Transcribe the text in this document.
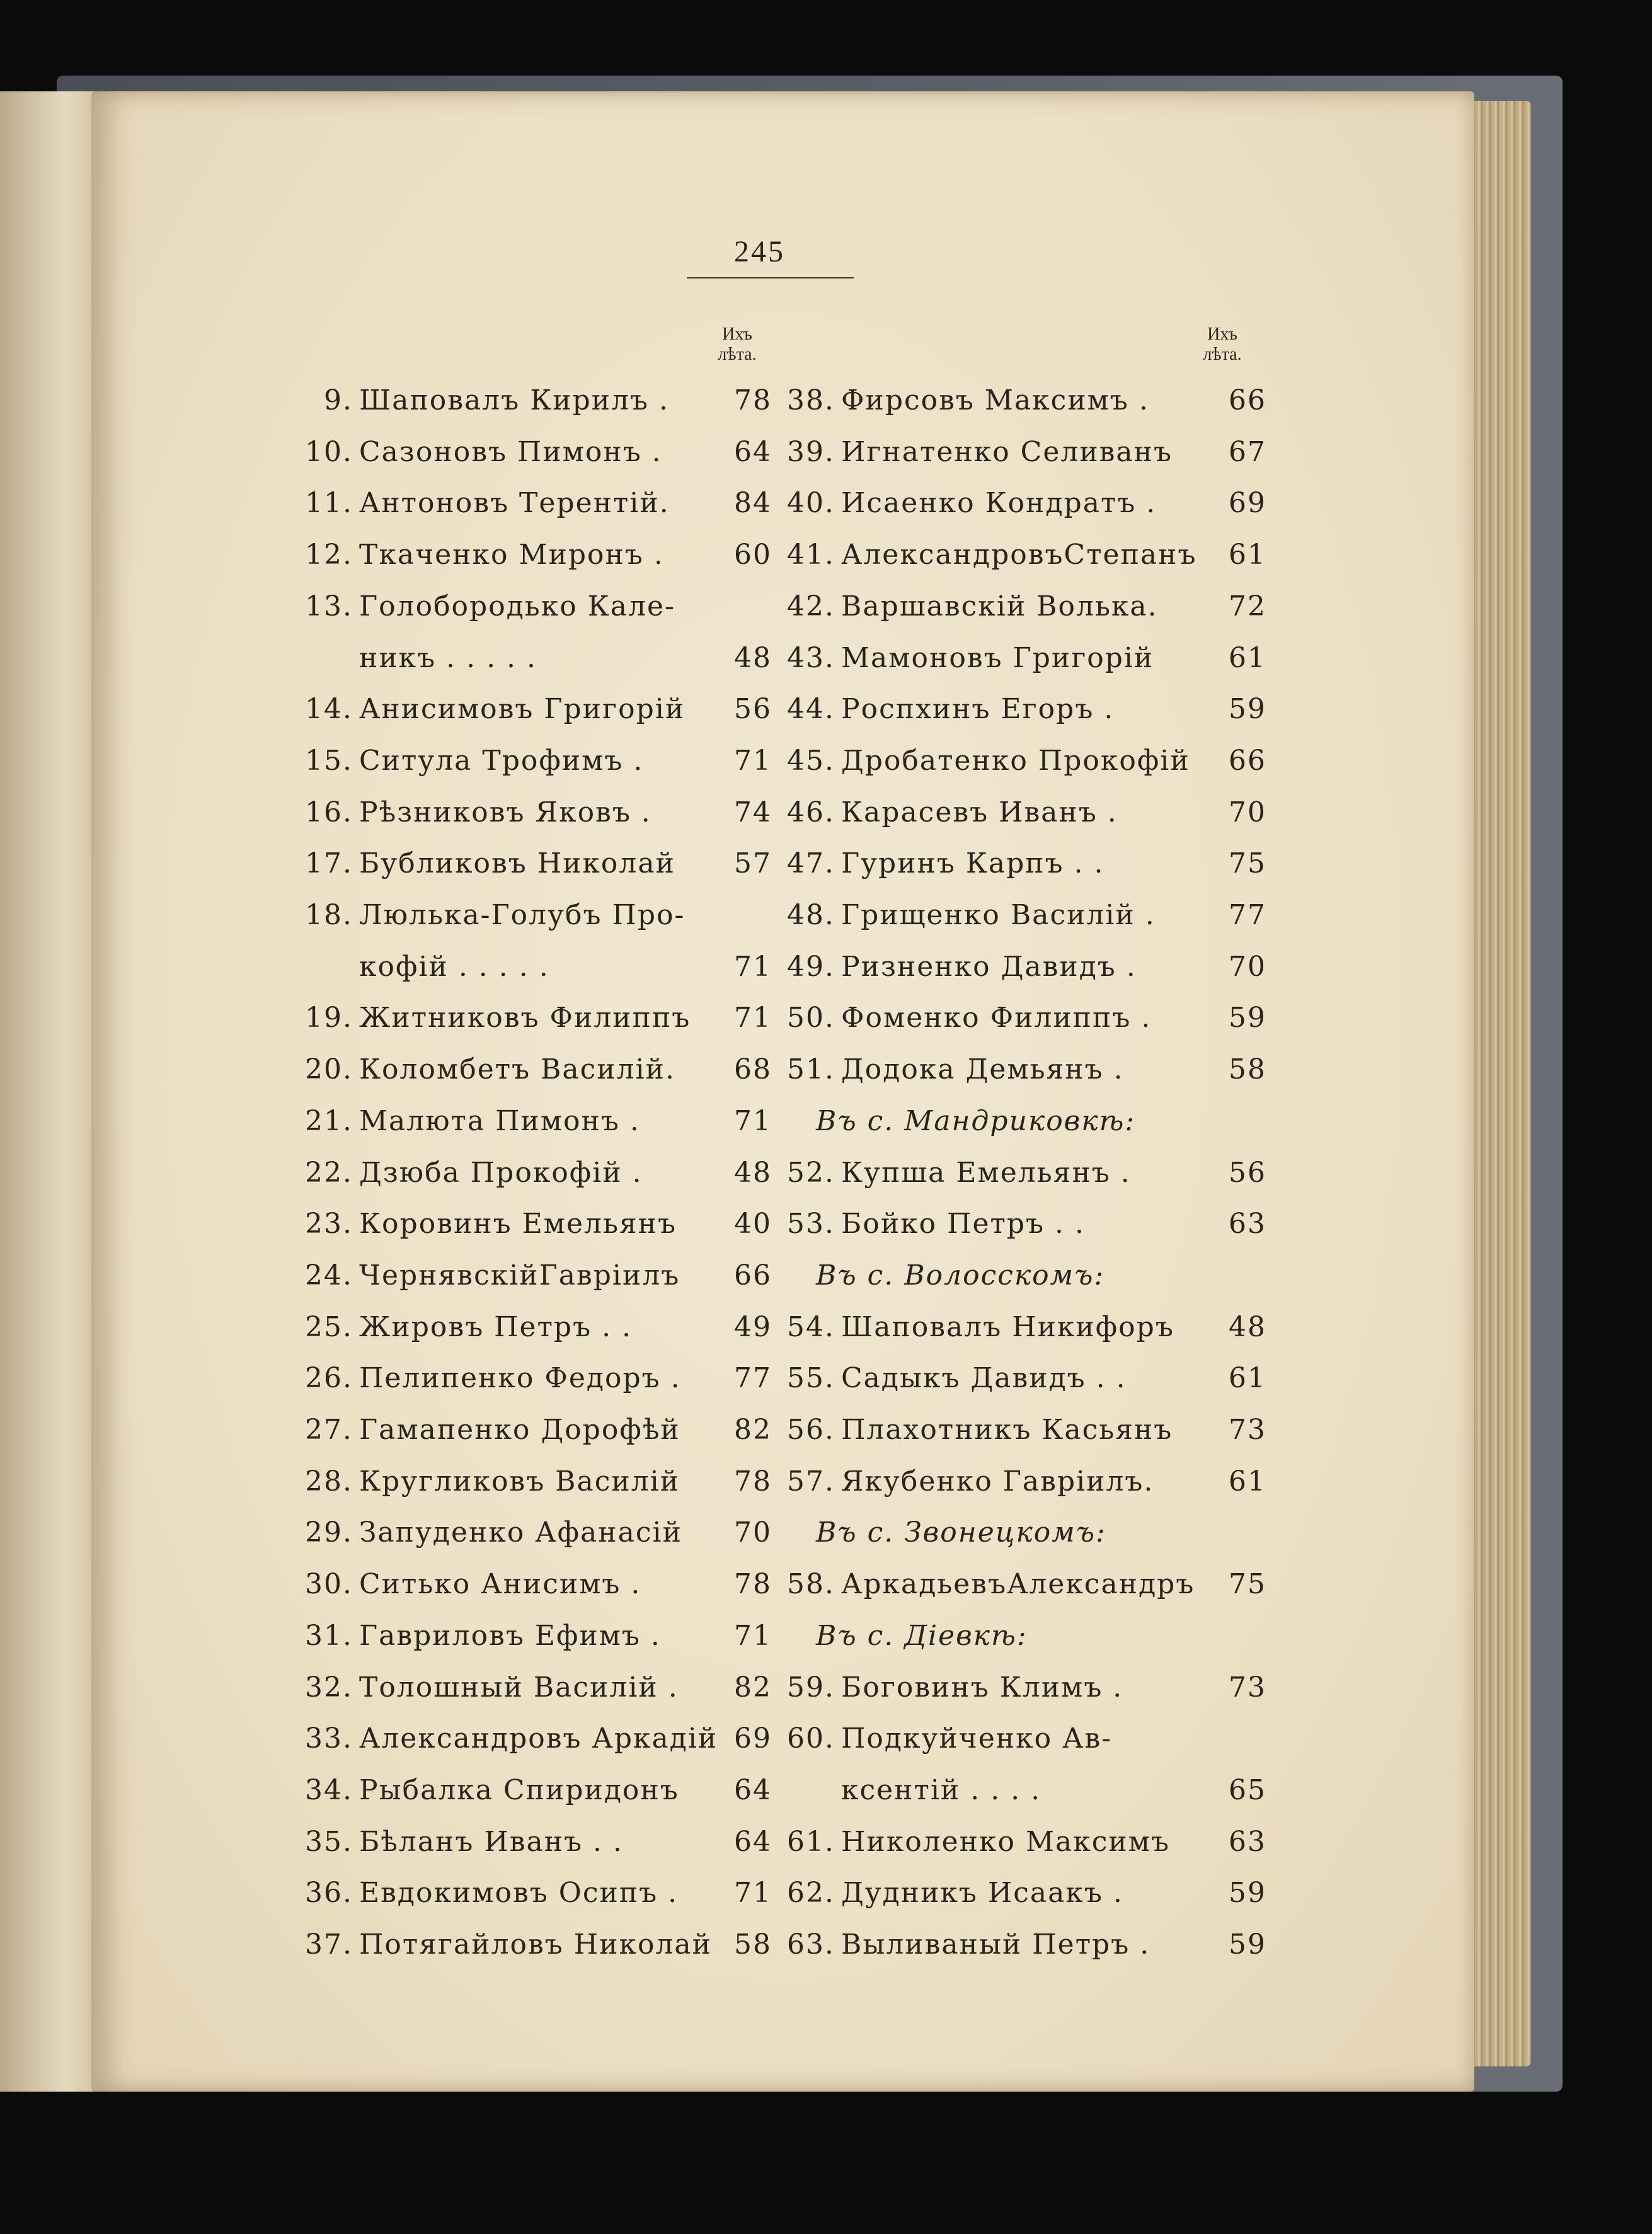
245
Ихъ
лѣта.
Ихъ
лѣта.
9. Шаповалъ Кирилъ . 78
10. Сазоновъ Пимонъ .	64
11. Антоновъ Терентій. 84
12. Ткаченко Миронъ .	60
13. Голобородько Кале-
никъ . . . . .	48
14. Анисимовъ Григорій 56
15. Ситула Трофимъ .	71
16. Рѣзниковъ Яковъ .	74
17. Бубликовъ Николай 57
18. Люлька-Голубъ Про-
кофій . . . . .	71
19. Житниковъ Филиппъ 71
20. Коломбетъ Василій. 68
21. Малюта Пимонъ .	71
22. Дзюба Прокофій .	48
23. Коровинъ Емельянъ 40
24. ЧернявскійГавріилъ 66
25. Жировъ Петръ . .	49
26. Пелипенко Федоръ . 77
27. Гамапенко Дорофѣй 82
28. Кругликовъ Василій 78
29. Запуденко Афанасій 70
30. Ситько Анисимъ .	78
31. Гавриловъ Ефимъ .	71
32. Толошный Василій . 82
33. Александровъ Аркадій 69
34. Рыбалка Спиридонъ 64
35. Бѣланъ Иванъ . .	64
36. Евдокимовъ Осипъ . 71
37. Потягайловъ Николай 58
38. Фирсовъ Максимъ .	66
39. Игнатенко Селиванъ 67
40. Исаенко Кондратъ .	69
41. АлександровъСтепанъ 61
42. Варшавскій Волька.	72
43. Мамоновъ Григорій	61
44. Роспхинъ Егоръ .	59
45. Дробатенко Прокофій 66
46. Карасевъ Иванъ .	70
47. Гуринъ Карпъ . .	75
48. Грищенко Василій .	77
49. Ризненко Давидъ .	70
50. Фоменко Филиппъ .	59
51. Додока Демьянъ .	58
Въ с. Мандриковкѣ:
52. Купша Емельянъ .	56
53. Бойко Петръ . .	63
Въ с. Волосскомъ:
54. Шаповалъ Никифоръ 48
55. Садыкъ Давидъ . .	61
56. Плахотникъ Касьянъ 73
57. Якубенко Гавріилъ.	61
Въ с. Звонецкомъ:
58. АркадьевъАлександръ 75
Въ с. Діевкѣ:
59. Боговинъ Климъ .	73
60. Подкуйченко Ав-
ксентій . . . .	65
61. Николенко Максимъ 63
62. Дудникъ Исаакъ .	59
63. Выливаный Петръ .	59
